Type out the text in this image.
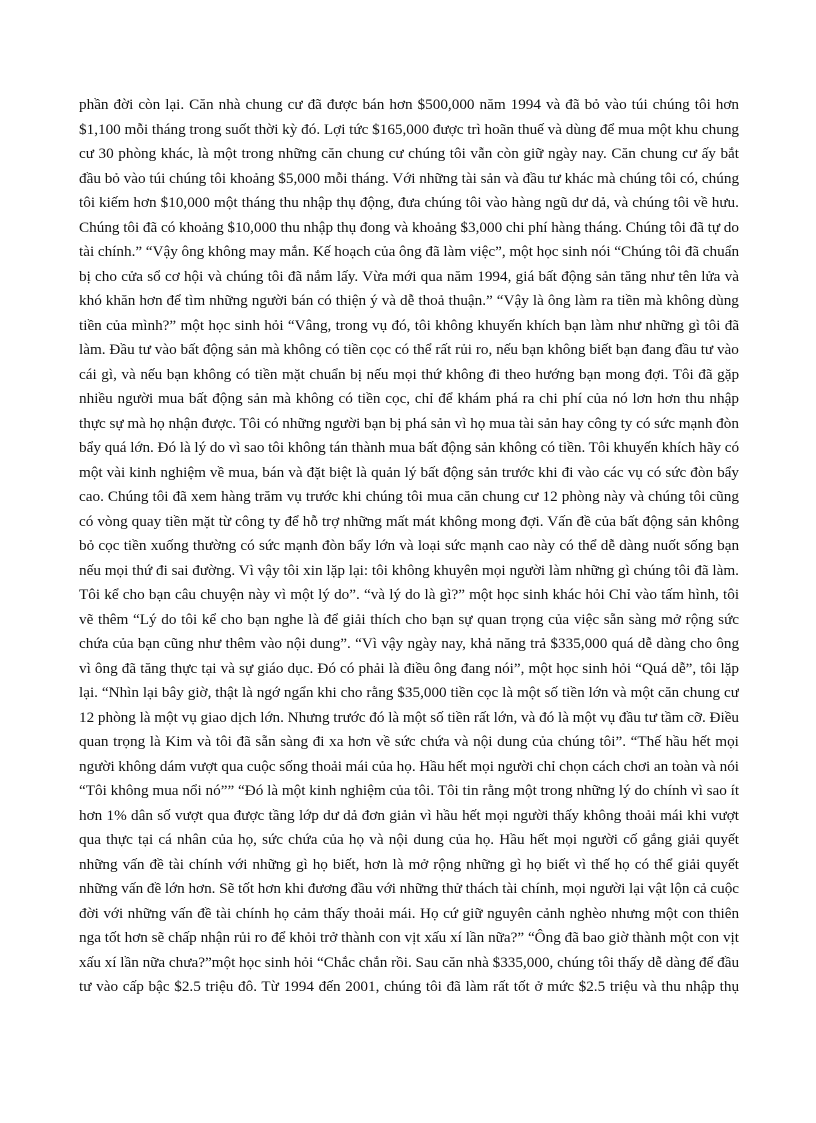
phần đời còn lại. Căn nhà chung cư đã được bán hơn $500,000 năm 1994 và đã bỏ vào túi chúng tôi hơn
$1,100 mỗi tháng trong suốt thời kỳ đó. Lợi tức $165,000 được trì hoãn thuế và dùng để mua một khu chung
cư 30 phòng khác, là một trong những căn chung cư chúng tôi vẫn còn giữ ngày nay. Căn chung cư ấy bắt
đầu bỏ vào túi chúng tôi khoảng $5,000 mỗi tháng. Với những tài sản và đầu tư khác mà chúng tôi có, chúng
tôi kiếm hơn $10,000 một tháng thu nhập thụ động, đưa chúng tôi vào hàng ngũ dư dả, và chúng tôi về hưu.
Chúng tôi đã có khoảng $10,000 thu nhập thụ đong và khoảng $3,000 chi phí hàng tháng. Chúng tôi đã tự do
tài chính.” “Vậy ông không may mắn. Kế hoạch của ông đã làm việc”, một học sinh nói “Chúng tôi đã chuẩn
bị cho cửa sổ cơ hội và chúng tôi đã nắm lấy. Vừa mới qua năm 1994, giá bất động sản tăng như tên lửa và
khó khăn hơn để tìm những người bán có thiện ý và dễ thoả thuận.” “Vậy là ông làm ra tiền mà không dùng
tiền của mình?” một học sinh hỏi “Vâng, trong vụ đó, tôi không khuyến khích bạn làm như những gì tôi đã
làm. Đầu tư vào bất động sản mà không có tiền cọc có thể rất rủi ro, nếu bạn không biết bạn đang đầu tư vào
cái gì, và nếu bạn không có tiền mặt chuẩn bị nếu mọi thứ không đi theo hướng bạn mong đợi. Tôi đã gặp
nhiều người mua bất động sản mà không có tiền cọc, chỉ để khám phá ra chi phí của nó lơn hơn thu nhập
thực sự mà họ nhận được. Tôi có những người bạn bị phá sản vì họ mua tài sản hay công ty có sức mạnh đòn
bẩy quá lớn. Đó là lý do vì sao tôi không tán thành mua bất động sản không có tiền. Tôi khuyến khích hãy có
một vài kinh nghiệm về mua, bán và đặt biệt là quản lý bất động sản trước khi đi vào các vụ có sức đòn bẩy
cao. Chúng tôi đã xem hàng trăm vụ trước khi chúng tôi mua căn chung cư 12 phòng này và chúng tôi cũng
có vòng quay tiền mặt từ công ty để hỗ trợ những mất mát không mong đợi. Vấn đề của bất động sản không
bỏ cọc tiền xuống thường có sức mạnh đòn bẩy lớn và loại sức mạnh cao này có thể dễ dàng nuốt sống bạn
nếu mọi thứ đi sai đường. Vì vậy tôi xin lặp lại: tôi không khuyên mọi người làm những gì chúng tôi đã làm.
Tôi kể cho bạn câu chuyện này vì một lý do”. “và lý do là gì?” một học sinh khác hỏi Chỉ vào tấm hình, tôi
vẽ thêm “Lý do tôi kể cho bạn nghe là để giải thích cho bạn sự quan trọng của việc sẵn sàng mở rộng sức
chứa của bạn cũng như thêm vào nội dung”. “Vì vậy ngày nay, khả năng trả $335,000 quá dễ dàng cho ông
vì ông đã tăng thực tại và sự giáo dục. Đó có phải là điều ông đang nói”, một học sinh hỏi “Quá dễ”, tôi lặp
lại. “Nhìn lại bây giờ, thật là ngớ ngẩn khi cho rằng $35,000 tiền cọc là một số tiền lớn và một căn chung cư
12 phòng là một vụ giao dịch lớn. Nhưng trước đó là một số tiền rất lớn, và đó là một vụ đầu tư tầm cỡ. Điều
quan trọng là Kim và tôi đã sẵn sàng đi xa hơn về sức chứa và nội dung của chúng tôi”. “Thế hầu hết mọi
người không dám vượt qua cuộc sống thoải mái của họ. Hầu hết mọi người chỉ chọn cách chơi an toàn và nói
“Tôi không mua nổi nó”” “Đó là một kinh nghiệm của tôi. Tôi tin rằng một trong những lý do chính vì sao ít
hơn 1% dân số vượt qua được tầng lớp dư dả đơn giản vì hầu hết mọi người thấy không thoải mái khi vượt
qua thực tại cá nhân của họ, sức chứa của họ và nội dung của họ. Hầu hết mọi người cố gắng giải quyết
những vấn đề tài chính với những gì họ biết, hơn là mở rộng những gì họ biết vì thế họ có thể giải quyết
những vấn đề lớn hơn. Sẽ tốt hơn khi đương đầu với những thử thách tài chính, mọi người lại vật lộn cả cuộc
đời với những vấn đề tài chính họ cảm thấy thoải mái. Họ cứ giữ nguyên cảnh nghèo nhưng một con thiên
nga tốt hơn sẽ chấp nhận rủi ro để khỏi trở thành con vịt xấu xí lần nữa?” “Ông đã bao giờ thành một con vịt
xấu xí lần nữa chưa?”một học sinh hỏi “Chắc chắn rồi. Sau căn nhà $335,000, chúng tôi thấy dễ dàng để đầu
tư vào cấp bậc $2.5 triệu đô. Từ 1994 đến 2001, chúng tôi đã làm rất tốt ở mức $2.5 triệu và thu nhập thụ
